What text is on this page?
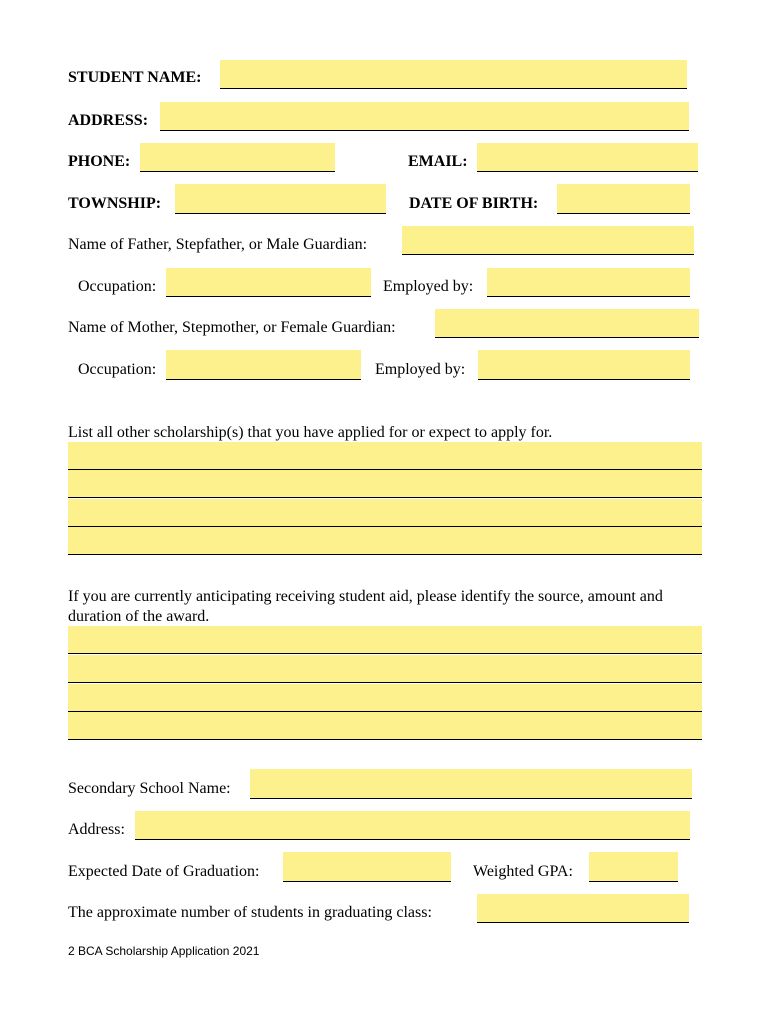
STUDENT NAME:
ADDRESS:
PHONE:	EMAIL:
TOWNSHIP:	DATE OF BIRTH:
Name of Father, Stepfather, or Male Guardian:
Occupation:	Employed by:
Name of Mother, Stepmother, or Female Guardian:
Occupation:	Employed by:
List all other scholarship(s) that you have applied for or expect to apply for.
If you are currently anticipating receiving student aid, please identify the source, amount and duration of the award.
Secondary School Name:
Address:
Expected Date of Graduation:	Weighted GPA:
The approximate number of students in graduating class:
2 BCA Scholarship Application 2021
